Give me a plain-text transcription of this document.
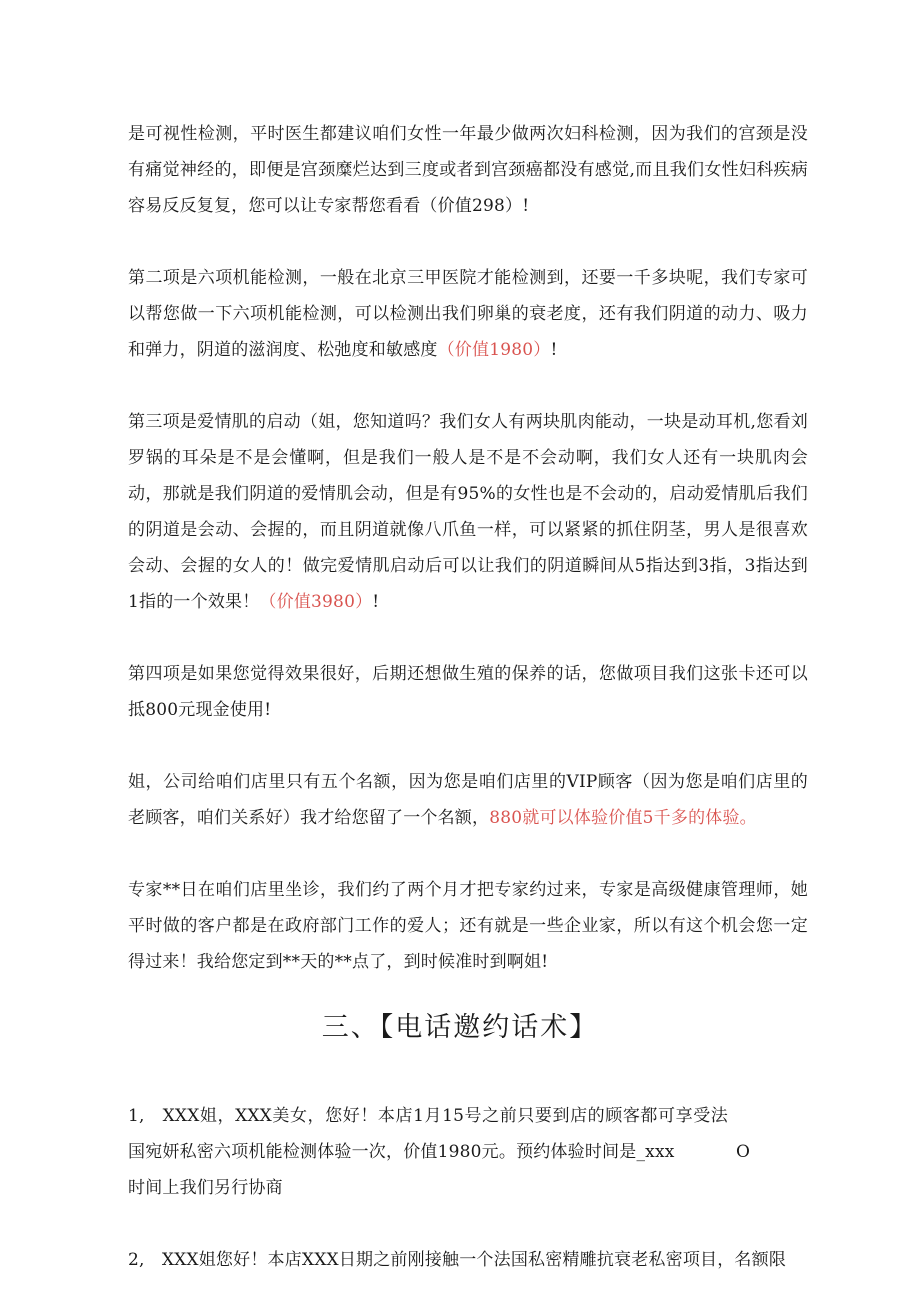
是可视性检测，平时医生都建议咱们女性一年最少做两次妇科检测，因为我们的宫颈是没有痛觉神经的，即便是宫颈糜烂达到三度或者到宫颈癌都没有感觉,而且我们女性妇科疾病容易反反复复，您可以让专家帮您看看（价值298）!

第二项是六项机能检测，一般在北京三甲医院才能检测到，还要一千多块呢，我们专家可以帮您做一下六项机能检测，可以检测出我们卵巢的衰老度，还有我们阴道的动力、吸力和弹力，阴道的滋润度、松弛度和敏感度（价值1980）!

第三项是爱情肌的启动（姐，您知道吗？我们女人有两块肌肉能动，一块是动耳机,您看刘罗锅的耳朵是不是会懂啊，但是我们一般人是不是不会动啊，我们女人还有一块肌肉会动，那就是我们阴道的爱情肌会动，但是有95%的女性也是不会动的，启动爱情肌后我们的阴道是会动、会握的，而且阴道就像八爪鱼一样，可以紧紧的抓住阴茎，男人是很喜欢会动、会握的女人的！做完爱情肌启动后可以让我们的阴道瞬间从5指达到3指，3指达到1指的一个效果！（价值3980）!

第四项是如果您觉得效果很好，后期还想做生殖的保养的话，您做项目我们这张卡还可以抵800元现金使用!

姐，公司给咱们店里只有五个名额，因为您是咱们店里的VIP顾客（因为您是咱们店里的老顾客，咱们关系好）我才给您留了一个名额，880就可以体验价值5千多的体验。

专家**日在咱们店里坐诊，我们约了两个月才把专家约过来，专家是高级健康管理师，她平时做的客户都是在政府部门工作的爱人；还有就是一些企业家，所以有这个机会您一定得过来！我给您定到**天的**点了，到时候准时到啊姐!

三、【电话邀约话术】

1,　XXX姐，XXX美女，您好！本店1月15号之前只要到店的顾客都可享受法国宛妍私密六项机能检测体验一次，价值1980元。预约体验时间是_xxx	O

时间上我们另行协商

2,　XXX姐您好！本店XXX日期之前刚接触一个法国私密精雕抗衰老私密项目，名额限
